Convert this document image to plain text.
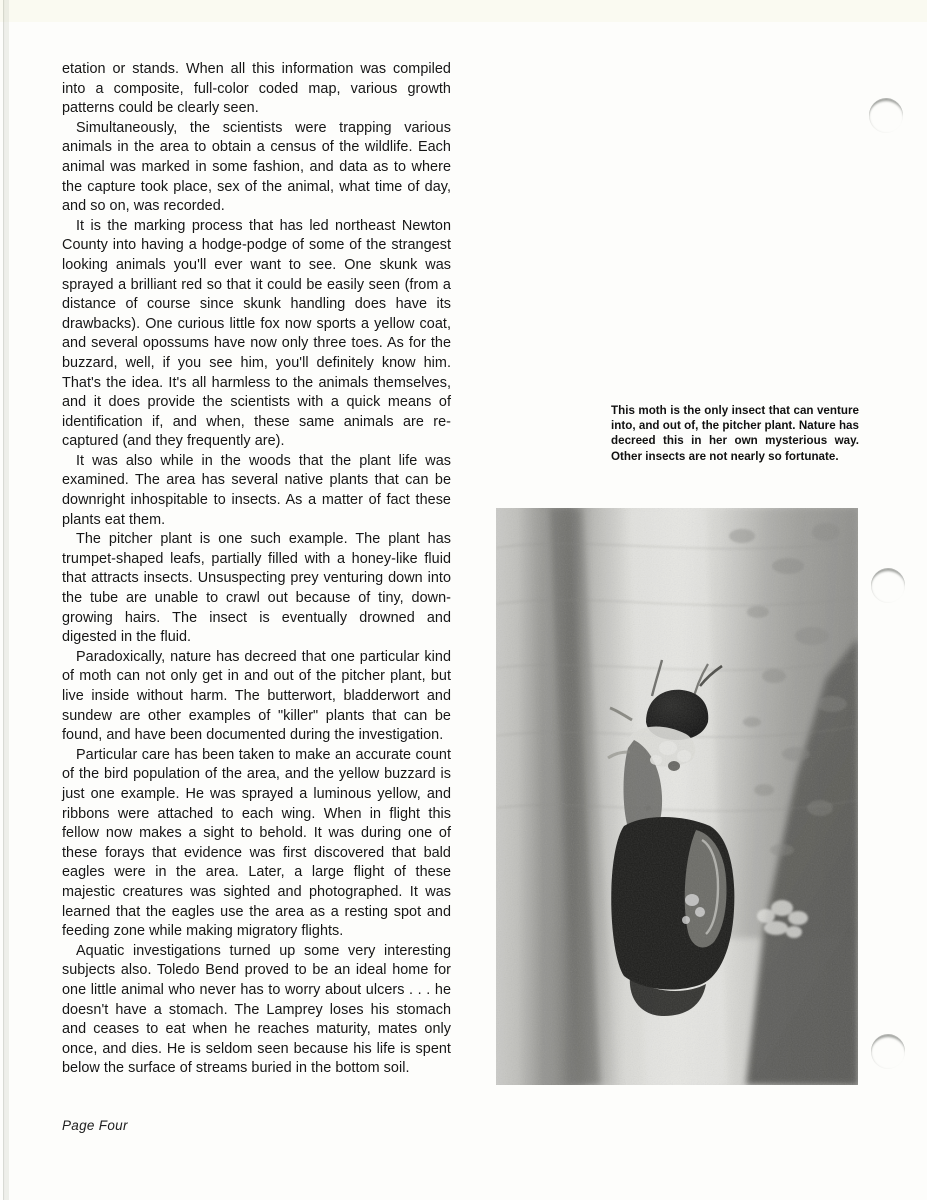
etation or stands. When all this information was compiled into a composite, full-color coded map, various growth patterns could be clearly seen.

Simultaneously, the scientists were trapping various animals in the area to obtain a census of the wildlife. Each animal was marked in some fashion, and data as to where the capture took place, sex of the animal, what time of day, and so on, was recorded.

It is the marking process that has led northeast Newton County into having a hodge-podge of some of the strangest looking animals you'll ever want to see. One skunk was sprayed a brilliant red so that it could be easily seen (from a distance of course since skunk handling does have its drawbacks). One curious little fox now sports a yellow coat, and several opossums have now only three toes. As for the buzzard, well, if you see him, you'll definitely know him. That's the idea. It's all harmless to the animals themselves, and it does provide the scientists with a quick means of identification if, and when, these same animals are re-captured (and they frequently are).

It was also while in the woods that the plant life was examined. The area has several native plants that can be downright inhospitable to insects. As a matter of fact these plants eat them.

The pitcher plant is one such example. The plant has trumpet-shaped leafs, partially filled with a honey-like fluid that attracts insects. Unsuspecting prey venturing down into the tube are unable to crawl out because of tiny, down-growing hairs. The insect is eventually drowned and digested in the fluid.

Paradoxically, nature has decreed that one particular kind of moth can not only get in and out of the pitcher plant, but live inside without harm. The butterwort, bladderwort and sundew are other examples of "killer" plants that can be found, and have been documented during the investigation.

Particular care has been taken to make an accurate count of the bird population of the area, and the yellow buzzard is just one example. He was sprayed a luminous yellow, and ribbons were attached to each wing. When in flight this fellow now makes a sight to behold. It was during one of these forays that evidence was first discovered that bald eagles were in the area. Later, a large flight of these majestic creatures was sighted and photographed. It was learned that the eagles use the area as a resting spot and feeding zone while making migratory flights.

Aquatic investigations turned up some very interesting subjects also. Toledo Bend proved to be an ideal home for one little animal who never has to worry about ulcers . . . he doesn't have a stomach. The Lamprey loses his stomach and ceases to eat when he reaches maturity, mates only once, and dies. He is seldom seen because his life is spent below the surface of streams buried in the bottom soil.

Page Four

This moth is the only insect that can venture into, and out of, the pitcher plant. Nature has decreed this in her own mysterious way. Other insects are not nearly so fortunate.
